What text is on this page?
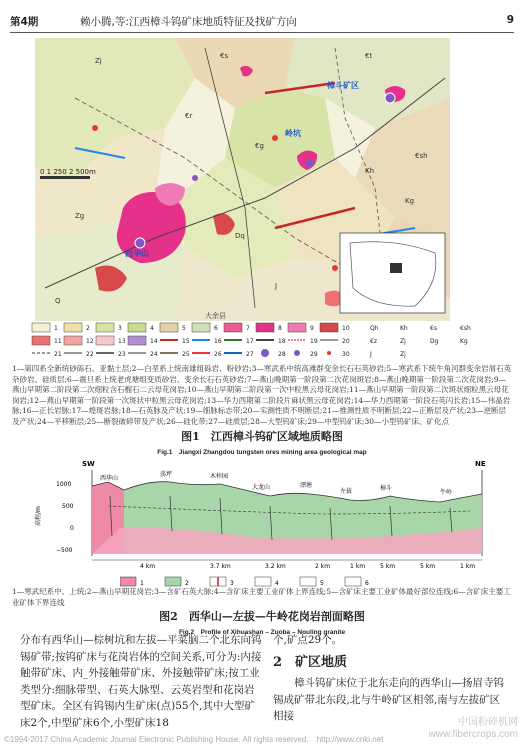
第4期	赖小腾,等:江西樟斗钨矿床地质特征及找矿方向	9
樟斗矿区
岭坑
西华山
大余县
0 1 250 2 500m
Zj
€s	€t
€g
€sh
Kg
Dq
Zg
Q
J
Kh
€r
1	2	3	4	5	6	7	8	9	10
11	12	13	14	15	16	17	18	19	20
21	22	23	24	25	26	27	28	29	30
Qh	Kh	€s	€sh
€z	Zj	Dg	Kg
J	Zj
1—第四系全新统砂砾石、亚黏土层;2—白垩系上统南雄组砾岩、粉砂岩;3—寒武系中统高滩群变余长石石英砂岩;5—寒武系下统牛角河群变余岩屑石英杂砂岩、硅质层;6—震旦系上统老虎塘组变质砂岩、变余长石石英砂岩;7—燕山晚期第一阶段第二次花岗斑岩;8—燕山晚期第一阶段第二次花岗岩;9—燕山早期第二阶段第二次细粒含石榴石二云母花岗岩;10—燕山早期第二阶段第一次中粒黑云母花岗岩;11—燕山早期第一阶段第二次斑状细粒黑云母花岗岩;12—燕山早期第一阶段第一次斑状中粒黑云母花岗岩;13—华力西期第二阶段片麻状黑云母花岗岩;14—华力西期第一阶段石英闪长岩;15—伟晶岩脉;16—正长岩脉;17—煌斑岩脉;18—石英脉及产状;19—细脉标志带;20—实测性质不明断层;21—推测性质不明断层;22—正断层及产状;23—逆断层及产状;24—平移断层;25—断裂破碎带及产状;26—硅化带;27—硅质层;28—大型钨矿床;29—中型钨矿床;30—小型钨矿床、矿化点
图1　江西樟斗钨矿区域地质略图
Fig.1　Jiangxi Zhangdou tungsten ores mining area geological map
SW	NE
1000
500
0
−500
高程/m
西华山
荡坪	木梓园
大龙山	漂塘
左拔	樟斗
牛岭
4 km	3.7 km	3.2 km	2 km	1 km 5 km	5 km	1 km
1	2	3	4	5	6
1—寒武纪系中、上统;2—燕山早期花岗岩;3—含矿石英大脉;4—含矿床主要工业矿体上界连线;5—含矿床主要工业矿体最好部位连线;6—含矿床主要工业矿体下界连线
图2　西华山—左拔—牛岭花岗岩剖面略图
Fig.2　Profile of Xihuashan – Zuoba – Nouling granite
分布有西华山—棕树坑和左拔—平菜脑二个北东向钨锡矿带;按钨矿床与花岗岩体的空间关系,可分为:内接触带矿床、内_外接触带矿床、外接触带矿床;按工业类型分:细脉带型、石英大脉型、云英岩型和花岗岩型矿床。全区有钨锡内生矿床(点)55个,其中大型矿床2个,中型矿床6个,小型矿床18
个,矿点29个。
2　矿区地质
樟斗钨矿床位于北东走向的西华山—扬眉寺钨锡成矿带北东段,北与牛岭矿区相邻,南与左拔矿区相接
©1994-2017 China Academic Journal Electronic Publishing House. All rights reserved.　http://www.cnki.net
中国粉碎机网
www.fibercrops.com
